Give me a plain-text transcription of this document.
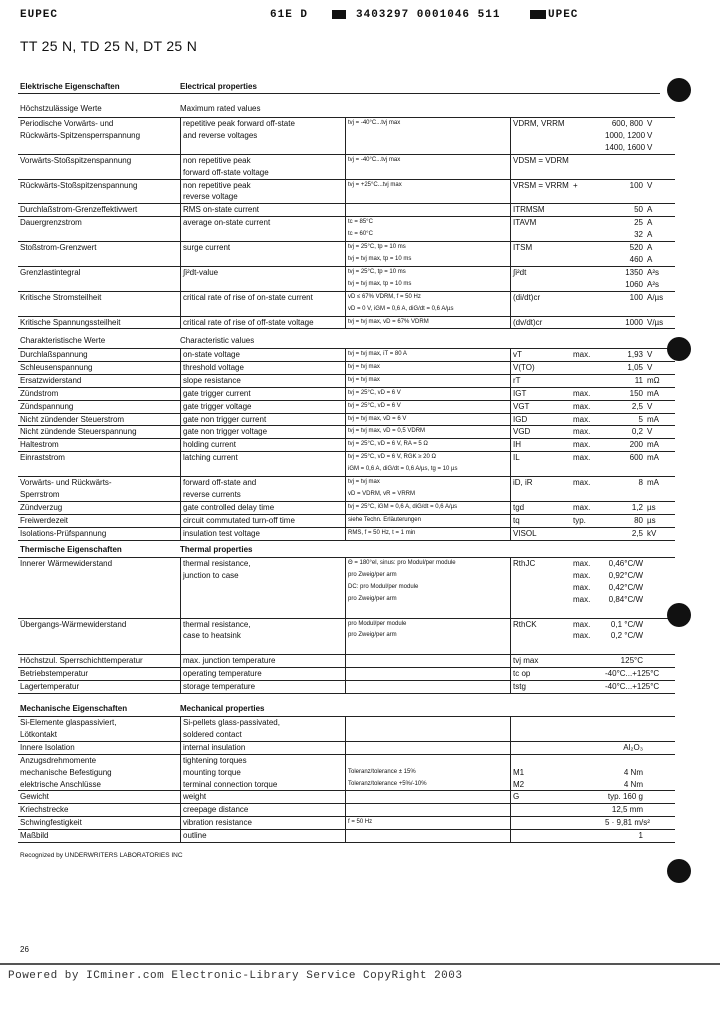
EUPEC	61E D	3403297 0001046 511	UPEC
TT 25 N, TD 25 N, DT 25 N
Elektrische Eigenschaften	Electrical properties
Höchstzulässige Werte	Maximum rated values
Periodische Vorwärts- und	repetitive peak forward off-state	tvj = -40°C...tvj max	VDRM, VRRM		600, 800	V
Rückwärts-Spitzensperrspannung	and reverse voltages				1000, 1200	V
					1400, 1600	V
Vorwärts-Stoßspitzenspannung	non repetitive peak	tvj = -40°C...tvj max	VDSM = VDRM			
	forward off-state voltage					
Rückwärts-Stoßspitzenspannung	non repetitive peak	tvj = +25°C...tvj max	VRSM = VRRM	+	100	V
	reverse voltage					
Durchlaßstrom-Grenzeffektivwert	RMS on-state current		ITRMSM		50	A
Dauergrenzstrom	average on-state current	tc = 85°C	ITAVM		25	A
		tc = 60°C			32	A
Stoßstrom-Grenzwert	surge current	tvj = 25°C, tp = 10 ms	ITSM		520	A
		tvj = tvj max, tp = 10 ms			460	A
Grenzlastintegral	∫i²dt-value	tvj = 25°C, tp = 10 ms	∫i²dt		1350	A²s
		tvj = tvj max, tp = 10 ms			1060	A²s
Kritische Stromsteilheit	critical rate of rise of on-state current	vD ≤ 67% VDRM, f = 50 Hz	(di/dt)cr		100	A/µs
		vD = 0 V, iGM = 0,6 A, diG/dt = 0,6 A/µs				
Kritische Spannungssteilheit	critical rate of rise of off-state voltage	tvj = tvj max, vD = 67% VDRM	(dv/dt)cr		1000	V/µs
Charakteristische Werte	Characteristic values
Durchlaßspannung	on-state voltage	tvj = tvj max, iT = 80 A	vT	max.	1,93	V
Schleusenspannung	threshold voltage	tvj = tvj max	V(TO)		1,05	V
Ersatzwiderstand	slope resistance	tvj = tvj max	rT		11	mΩ
Zündstrom	gate trigger current	tvj = 25°C, vD = 6 V	IGT	max.	150	mA
Zündspannung	gate trigger voltage	tvj = 25°C, vD = 6 V	VGT	max.	2,5	V
Nicht zündender Steuerstrom	gate non trigger current	tvj = tvj max, vD = 6 V	IGD	max.	5	mA
Nicht zündende Steuerspannung	gate non trigger voltage	tvj = tvj max, vD = 0,5 VDRM	VGD	max.	0,2	V
Haltestrom	holding current	tvj = 25°C, vD = 6 V, RA = 5 Ω	IH	max.	200	mA
Einraststrom	latching current	tvj = 25°C, vD = 6 V, RGK ≥ 20 Ω	IL	max.	600	mA
		iGM = 0,6 A, diG/dt = 0,6 A/µs, tg = 10 µs				
Vorwärts- und Rückwärts-	forward off-state and	tvj = tvj max	iD, iR	max.	8	mA
Sperrstrom	reverse currents	vD = VDRM, vR = VRRM				
Zündverzug	gate controlled delay time	tvj = 25°C, iGM = 0,6 A, diG/dt = 0,6 A/µs	tgd	max.	1,2	µs
Freiwerdezeit	circuit commutated turn-off time	siehe Techn. Erläuterungen	tq	typ.	80	µs
Isolations-Prüfspannung	insulation test voltage	RMS, f = 50 Hz, t = 1 min	VISOL		2,5	kV
Thermische Eigenschaften	Thermal properties
Innerer Wärmewiderstand	thermal resistance,	Θ = 180°el, sinus: pro Modul/per module	RthJC	max.	0,46°C/W	
	junction to case	pro Zweig/per arm		max.	0,92°C/W	
		DC: pro Modul/per module		max.	0,42°C/W	
		pro Zweig/per arm		max.	0,84°C/W	

Übergangs-Wärmewiderstand	thermal resistance,	pro Modul/per module	RthCK	max.	0,1 °C/W	
	case to heatsink	pro Zweig/per arm		max.	0,2 °C/W	

Höchstzul. Sperrschichttemperatur	max. junction temperature		tvj max		125°C	
Betriebstemperatur	operating temperature		tc op		-40°C...+125°C	
Lagertemperatur	storage temperature		tstg		-40°C...+125°C	
Mechanische Eigenschaften	Mechanical properties
Si-Elemente glaspassiviert,	Si-pellets glass-passivated,					
Lötkontakt	soldered contact					
Innere Isolation	internal insulation				Al₂O₃	
Anzugsdrehmomente	tightening torques					
mechanische Befestigung	mounting torque	Toleranz/tolerance ± 15%	M1		4 Nm	
elektrische Anschlüsse	terminal connection torque	Toleranz/tolerance +5%/-10%	M2		4 Nm	
Gewicht	weight		G		typ. 160 g	
Kriechstrecke	creepage distance				12,5 mm	
Schwingfestigkeit	vibration resistance	f = 50 Hz			5 · 9,81 m/s²	
Maßbild	outline				1	
Recognized by UNDERWRITERS LABORATORIES INC
26
Powered by ICminer.com Electronic-Library Service CopyRight 2003
